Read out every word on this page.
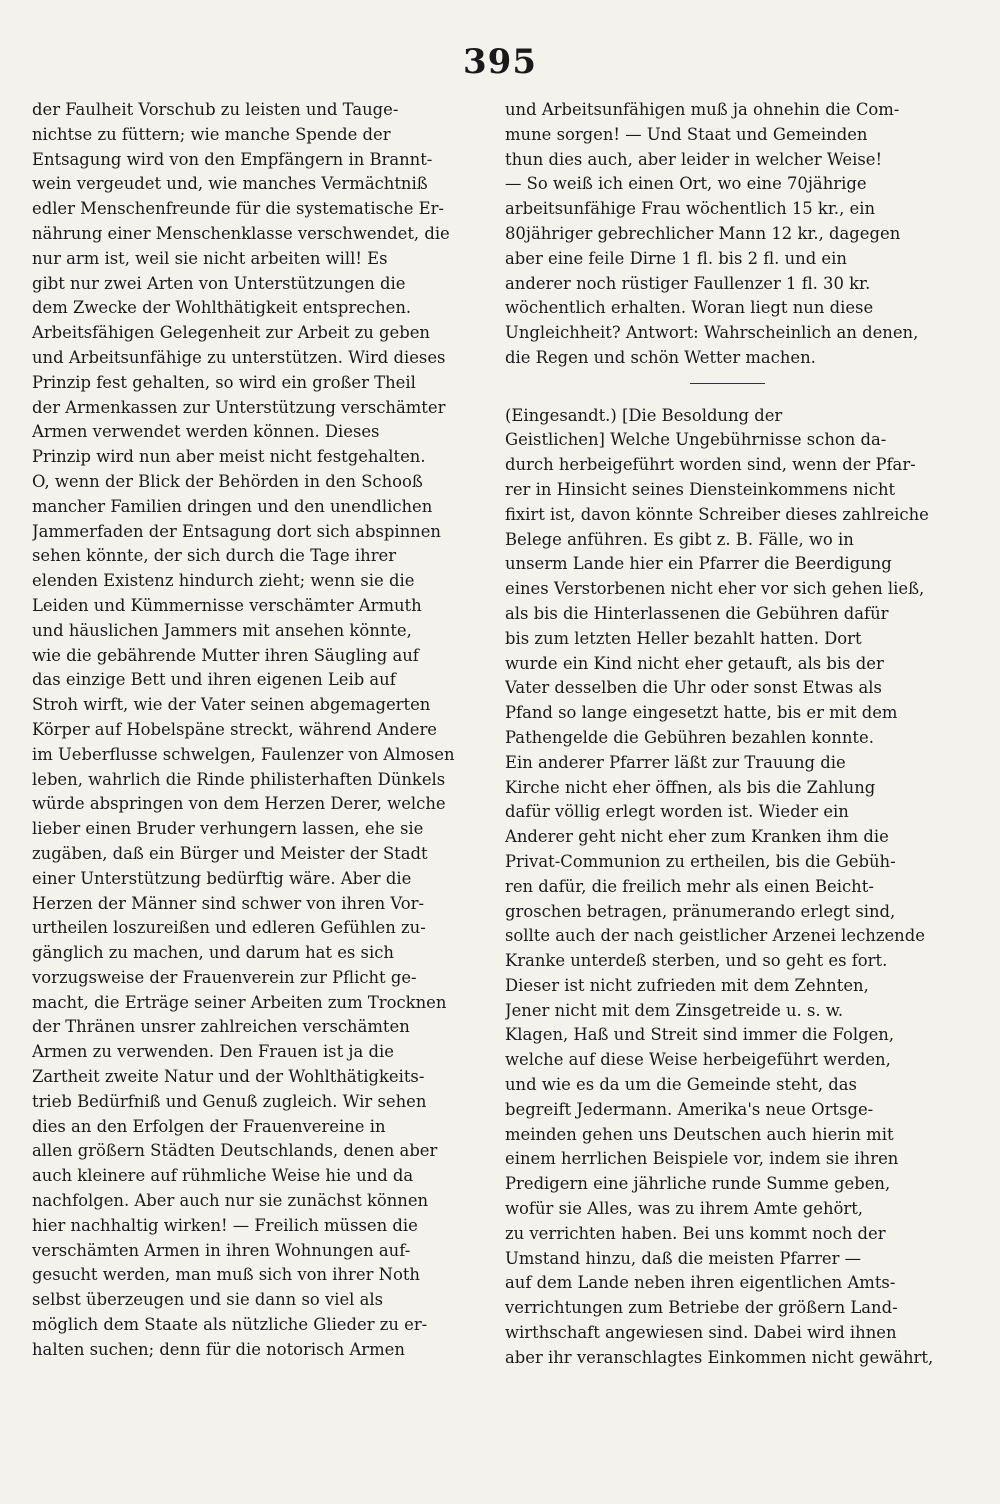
395
der Faulheit Vorschub zu leisten und Tauge-
nichtse zu füttern; wie manche Spende der
Entsagung wird von den Empfängern in Brannt-
wein vergeudet und, wie manches Vermächtniß
edler Menschenfreunde für die systematische Er-
nährung einer Menschenklasse verschwendet, die
nur arm ist, weil sie nicht arbeiten will! Es
gibt nur zwei Arten von Unterstützungen die
dem Zwecke der Wohlthätigkeit entsprechen.
Arbeitsfähigen Gelegenheit zur Arbeit zu geben
und Arbeitsunfähige zu unterstützen. Wird dieses
Prinzip fest gehalten, so wird ein großer Theil
der Armenkassen zur Unterstützung verschämter
Armen verwendet werden können. Dieses
Prinzip wird nun aber meist nicht festgehalten.
O, wenn der Blick der Behörden in den Schooß
mancher Familien dringen und den unendlichen
Jammerfaden der Entsagung dort sich abspinnen
sehen könnte, der sich durch die Tage ihrer
elenden Existenz hindurch zieht; wenn sie die
Leiden und Kümmernisse verschämter Armuth
und häuslichen Jammers mit ansehen könnte,
wie die gebährende Mutter ihren Säugling auf
das einzige Bett und ihren eigenen Leib auf
Stroh wirft, wie der Vater seinen abgemagerten
Körper auf Hobelspäne streckt, während Andere
im Ueberflusse schwelgen, Faulenzer von Almosen
leben, wahrlich die Rinde philisterhaften Dünkels
würde abspringen von dem Herzen Derer, welche
lieber einen Bruder verhungern lassen, ehe sie
zugäben, daß ein Bürger und Meister der Stadt
einer Unterstützung bedürftig wäre. Aber die
Herzen der Männer sind schwer von ihren Vor-
urtheilen loszureißen und edleren Gefühlen zu-
gänglich zu machen, und darum hat es sich
vorzugsweise der Frauenverein zur Pflicht ge-
macht, die Erträge seiner Arbeiten zum Trocknen
der Thränen unsrer zahlreichen verschämten
Armen zu verwenden. Den Frauen ist ja die
Zartheit zweite Natur und der Wohlthätigkeits-
trieb Bedürfniß und Genuß zugleich. Wir sehen
dies an den Erfolgen der Frauenvereine in
allen größern Städten Deutschlands, denen aber
auch kleinere auf rühmliche Weise hie und da
nachfolgen. Aber auch nur sie zunächst können
hier nachhaltig wirken! — Freilich müssen die
verschämten Armen in ihren Wohnungen auf-
gesucht werden, man muß sich von ihrer Noth
selbst überzeugen und sie dann so viel als
möglich dem Staate als nützliche Glieder zu er-
halten suchen; denn für die notorisch Armen
und Arbeitsunfähigen muß ja ohnehin die Com-
mune sorgen! — Und Staat und Gemeinden
thun dies auch, aber leider in welcher Weise!
— So weiß ich einen Ort, wo eine 70jährige
arbeitsunfähige Frau wöchentlich 15 kr., ein
80jähriger gebrechlicher Mann 12 kr., dagegen
aber eine feile Dirne 1 fl. bis 2 fl. und ein
anderer noch rüstiger Faullenzer 1 fl. 30 kr.
wöchentlich erhalten. Woran liegt nun diese
Ungleichheit? Antwort: Wahrscheinlich an denen,
die Regen und schön Wetter machen.
(Eingesandt.) [Die Besoldung der
Geistlichen] Welche Ungebührnisse schon da-
durch herbeigeführt worden sind, wenn der Pfar-
rer in Hinsicht seines Diensteinkommens nicht
fixirt ist, davon könnte Schreiber dieses zahlreiche
Belege anführen. Es gibt z. B. Fälle, wo in
unserm Lande hier ein Pfarrer die Beerdigung
eines Verstorbenen nicht eher vor sich gehen ließ,
als bis die Hinterlassenen die Gebühren dafür
bis zum letzten Heller bezahlt hatten. Dort
wurde ein Kind nicht eher getauft, als bis der
Vater desselben die Uhr oder sonst Etwas als
Pfand so lange eingesetzt hatte, bis er mit dem
Pathengelde die Gebühren bezahlen konnte.
Ein anderer Pfarrer läßt zur Trauung die
Kirche nicht eher öffnen, als bis die Zahlung
dafür völlig erlegt worden ist. Wieder ein
Anderer geht nicht eher zum Kranken ihm die
Privat-Communion zu ertheilen, bis die Gebüh-
ren dafür, die freilich mehr als einen Beicht-
groschen betragen, pränumerando erlegt sind,
sollte auch der nach geistlicher Arzenei lechzende
Kranke unterdeß sterben, und so geht es fort.
Dieser ist nicht zufrieden mit dem Zehnten,
Jener nicht mit dem Zinsgetreide u. s. w.
Klagen, Haß und Streit sind immer die Folgen,
welche auf diese Weise herbeigeführt werden,
und wie es da um die Gemeinde steht, das
begreift Jedermann. Amerika's neue Ortsge-
meinden gehen uns Deutschen auch hierin mit
einem herrlichen Beispiele vor, indem sie ihren
Predigern eine jährliche runde Summe geben,
wofür sie Alles, was zu ihrem Amte gehört,
zu verrichten haben. Bei uns kommt noch der
Umstand hinzu, daß die meisten Pfarrer —
auf dem Lande neben ihren eigentlichen Amts-
verrichtungen zum Betriebe der größern Land-
wirthschaft angewiesen sind. Dabei wird ihnen
aber ihr veranschlagtes Einkommen nicht gewährt,
